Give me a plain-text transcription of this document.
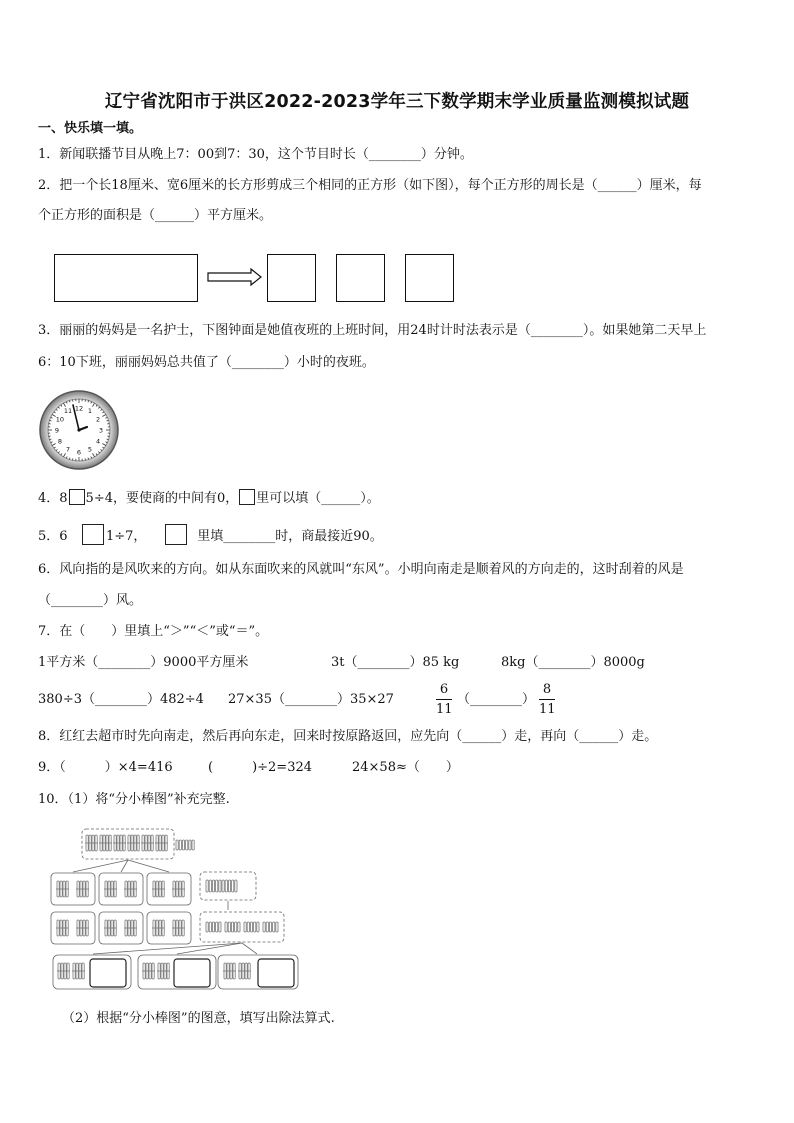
辽宁省沈阳市于洪区2022-2023学年三下数学期末学业质量监测模拟试题
一、快乐填一填。
1．新闻联播节目从晚上7：00到7：30，这个节目时长（________）分钟。
2．把一个长18厘米、宽6厘米的长方形剪成三个相同的正方形（如下图），每个正方形的周长是（______）厘米，每
个正方形的面积是（______）平方厘米。
3．丽丽的妈妈是一名护士，下图钟面是她值夜班的上班时间，用24时计时法表示是（________）。如果她第二天早上
6：10下班，丽丽妈妈总共值了（________）小时的夜班。
12 1
2
3
4
5
6
7
8
9
10
11
4．8 5÷4，要使商的中间有0， 里可以填（______）。
5．6	1÷7，	里填________时，商最接近90。
6．风向指的是风吹来的方向。如从东面吹来的风就叫“东风”。小明向南走是顺着风的方向走的，这时刮着的风是
（________）风。
7．在（　　）里填上“＞”“＜”或“＝”。
1平方米（________）9000平方厘米	3t（________）85 kg	8kg（________）8000g
380÷3（________）482÷4 27×35（________）35×27
6
11
（________）
8
11
8．红红去超市时先向南走，然后再向东走，回来时按原路返回，应先向（______）走，再向（______）走。
9．（　　　）×4=416	(　　　)÷2=324	24×58≈（　　）
10．（1）将“分小棒图”补充完整.
（2）根据“分小棒图”的图意，填写出除法算式.
